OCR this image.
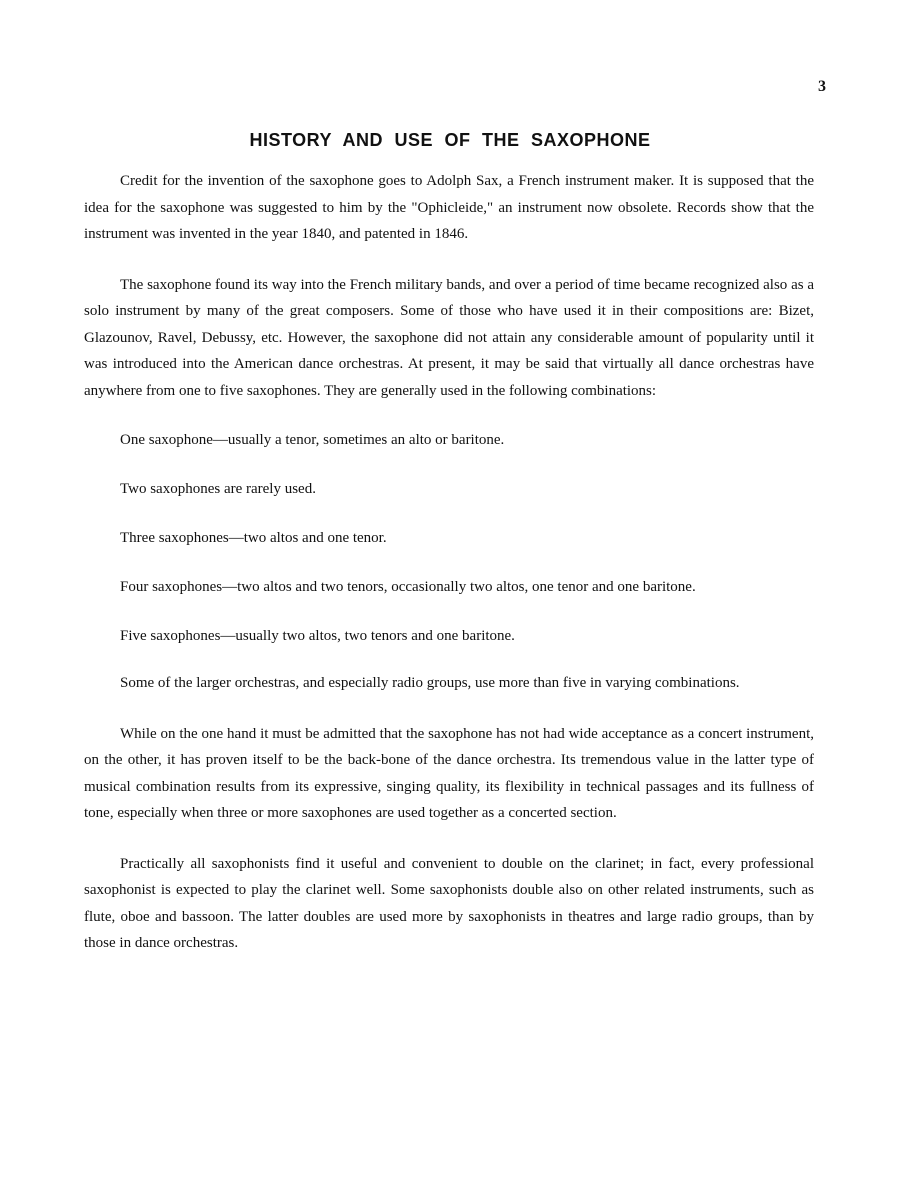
3
HISTORY AND USE OF THE SAXOPHONE

Credit for the invention of the saxophone goes to Adolph Sax, a French instrument maker. It is supposed that the idea for the saxophone was suggested to him by the "Ophicleide," an instrument now obsolete. Records show that the instrument was invented in the year 1840, and patented in 1846.

The saxophone found its way into the French military bands, and over a period of time became recognized also as a solo instrument by many of the great composers. Some of those who have used it in their compositions are: Bizet, Glazounov, Ravel, Debussy, etc. However, the saxophone did not attain any considerable amount of popularity until it was introduced into the American dance orchestras. At present, it may be said that virtually all dance orchestras have anywhere from one to five saxophones. They are generally used in the following combinations:

One saxophone—usually a tenor, sometimes an alto or baritone.
Two saxophones are rarely used.
Three saxophones—two altos and one tenor.
Four saxophones—two altos and two tenors, occasionally two altos, one tenor and one baritone.
Five saxophones—usually two altos, two tenors and one baritone.

Some of the larger orchestras, and especially radio groups, use more than five in varying combinations.

While on the one hand it must be admitted that the saxophone has not had wide acceptance as a concert instrument, on the other, it has proven itself to be the back-bone of the dance orchestra. Its tremendous value in the latter type of musical combination results from its expressive, singing quality, its flexibility in technical passages and its fullness of tone, especially when three or more saxophones are used together as a concerted section.

Practically all saxophonists find it useful and convenient to double on the clarinet; in fact, every professional saxophonist is expected to play the clarinet well. Some saxophonists double also on other related instruments, such as flute, oboe and bassoon. The latter doubles are used more by saxophonists in theatres and large radio groups, than by those in dance orchestras.
